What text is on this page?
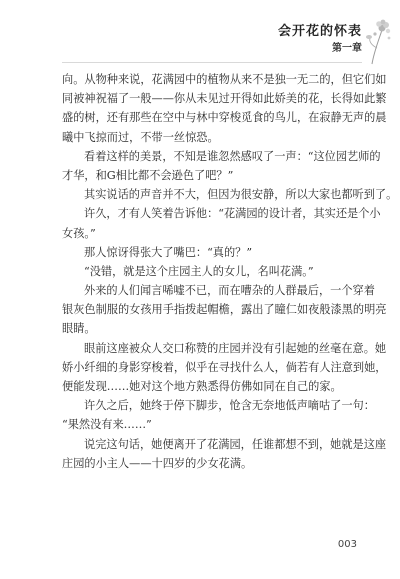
会开花的怀表
第一章
向。从物种来说，花满园中的植物从来不是独一无二的，但它们如
同被神祝福了一般——你从未见过开得如此娇美的花，长得如此繁
盛的树，还有那些在空中与林中穿梭觅食的鸟儿，在寂静无声的晨
曦中飞掠而过，不带一丝惊恐。
看着这样的美景，不知是谁忽然感叹了一声：“这位园艺师的
才华，和G相比都不会逊色了吧？”
其实说话的声音并不大，但因为很安静，所以大家也都听到了。
许久，才有人笑着告诉他：“花满园的设计者，其实还是个小
女孩。”
那人惊讶得张大了嘴巴：“真的？”
“没错，就是这个庄园主人的女儿，名叫花满。”
外来的人们闻言唏嘘不已，而在嘈杂的人群最后，一个穿着
银灰色制服的女孩用手指拨起帽檐，露出了瞳仁如夜般漆黑的明亮
眼睛。
眼前这座被众人交口称赞的庄园并没有引起她的丝毫在意。她
娇小纤细的身影穿梭着，似乎在寻找什么人，倘若有人注意到她，
便能发现……她对这个地方熟悉得仿佛如同在自己的家。
许久之后，她终于停下脚步，怆含无奈地低声嘀咕了一句：
“果然没有来……”
说完这句话，她便离开了花满园，任谁都想不到，她就是这座
庄园的小主人——十四岁的少女花满。
003
